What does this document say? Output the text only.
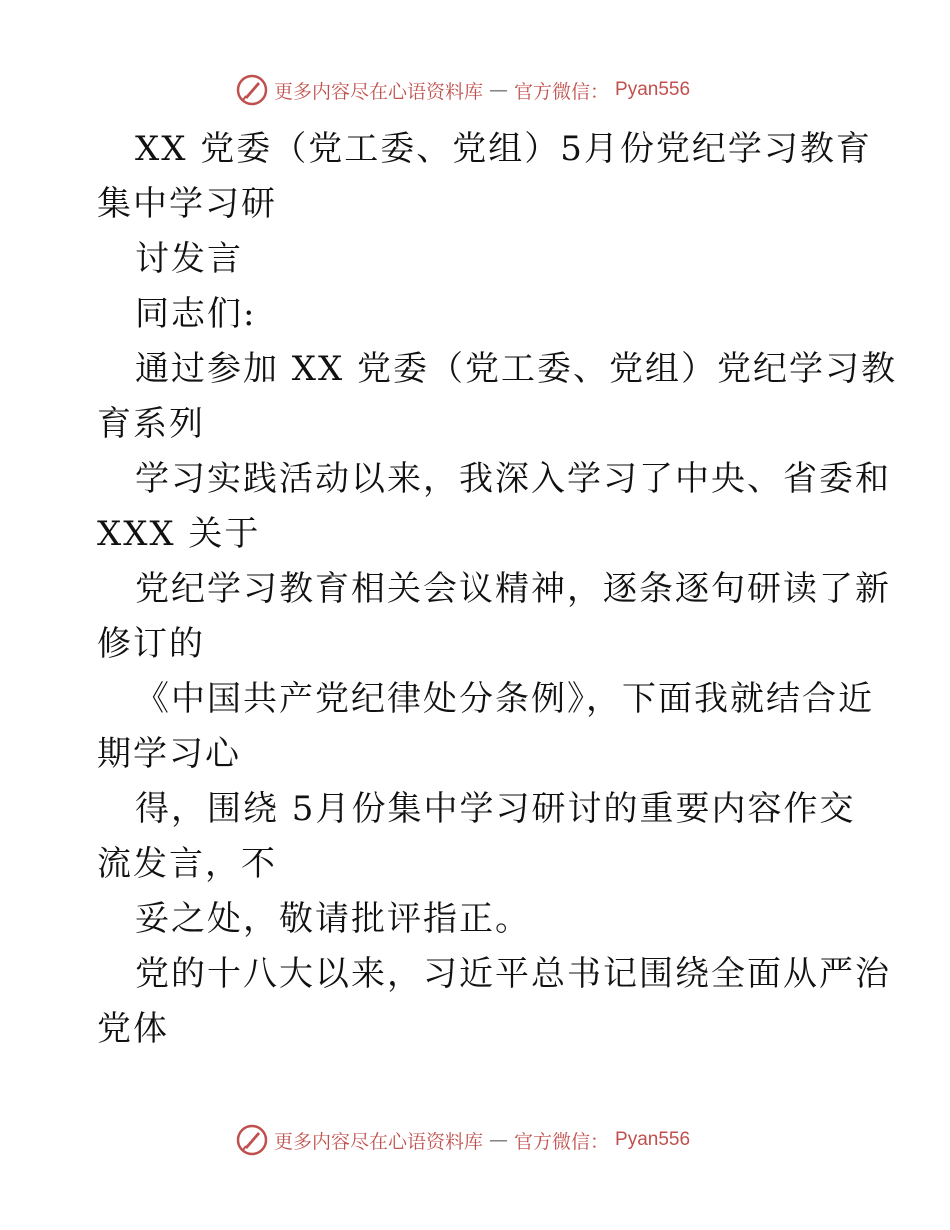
更多内容尽在心语资料库 — 官方微信： Pyan556
XX 党委（党工委、党组）5月份党纪学习教育
集中学习研
讨发言
同志们:
通过参加 XX 党委（党工委、党组）党纪学习教
育系列
学习实践活动以来，我深入学习了中央、省委和
XXX 关于
党纪学习教育相关会议精神，逐条逐句研读了新
修订的
《中国共产党纪律处分条例》，下面我就结合近
期学习心
得，围绕 5月份集中学习研讨的重要内容作交
流发言，不
妥之处，敬请批评指正。
党的十八大以来，习近平总书记围绕全面从严治
党体
更多内容尽在心语资料库 — 官方微信： Pyan556
